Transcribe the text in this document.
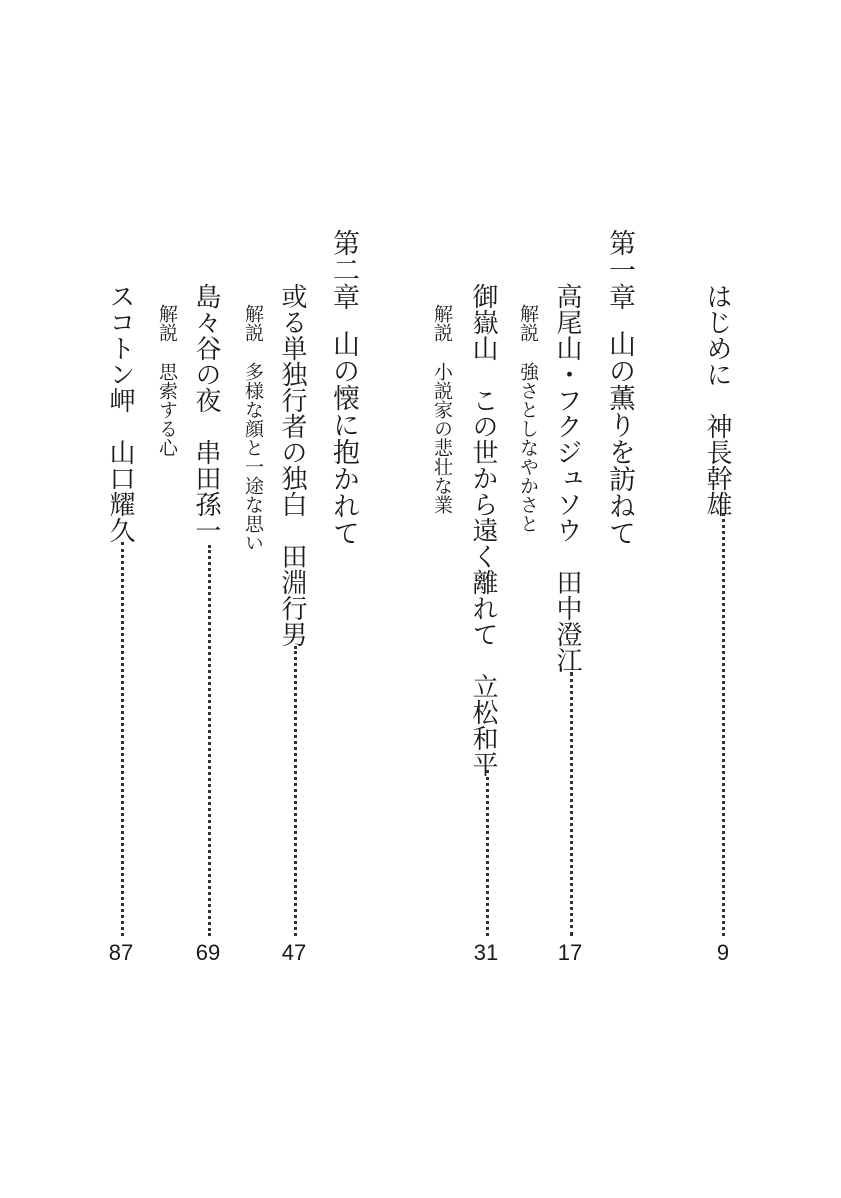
はじめに神長幹雄
9
第一章山の薫りを訪ねて
高尾山・フクジュソウ田中澄江
17
解説強さとしなやかさと
御嶽山この世から遠く離れて立松和平
31
解説小説家の悲壮な業
第二章山の懐に抱かれて
或る単独行者の独白田淵行男
47
解説多様な顔と一途な思い
島々谷の夜串田孫一
69
解説思索する心
スコトン岬山口耀久
87
